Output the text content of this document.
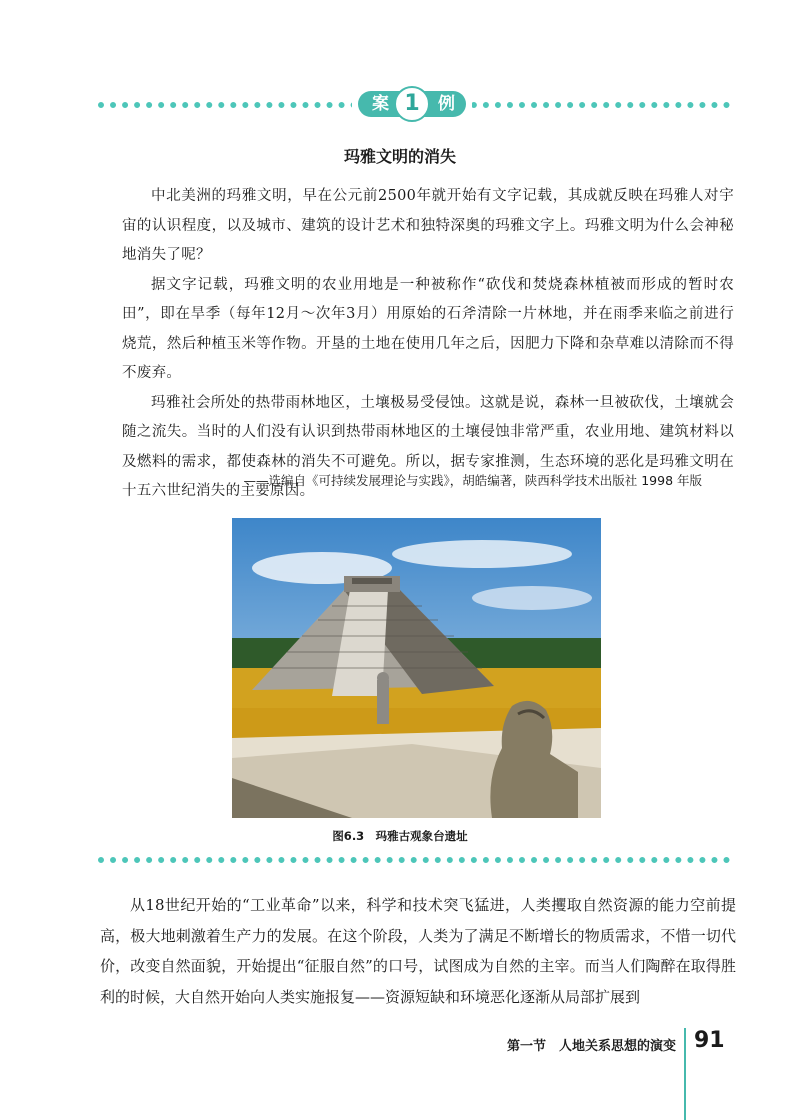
案	例
1
玛雅文明的消失

中北美洲的玛雅文明，早在公元前2500年就开始有文字记载，其成就反映在玛雅人对宇宙的认识程度，以及城市、建筑的设计艺术和独特深奥的玛雅文字上。玛雅文明为什么会神秘地消失了呢？

据文字记载，玛雅文明的农业用地是一种被称作“砍伐和焚烧森林植被而形成的暂时农田”，即在旱季（每年12月～次年3月）用原始的石斧清除一片林地，并在雨季来临之前进行烧荒，然后种植玉米等作物。开垦的土地在使用几年之后，因肥力下降和杂草难以清除而不得不废弃。

玛雅社会所处的热带雨林地区，土壤极易受侵蚀。这就是说，森林一旦被砍伐，土壤就会随之流失。当时的人们没有认识到热带雨林地区的土壤侵蚀非常严重，农业用地、建筑材料以及燃料的需求，都使森林的消失不可避免。所以，据专家推测，生态环境的恶化是玛雅文明在十五六世纪消失的主要原因。

——选编自《可持续发展理论与实践》，胡皓编著，陕西科学技术出版社 1998 年版
图6.3　玛雅古观象台遗址

从18世纪开始的“工业革命”以来，科学和技术突飞猛进，人类攫取自然资源的能力空前提高，极大地刺激着生产力的发展。在这个阶段，人类为了满足不断增长的物质需求，不惜一切代价，改变自然面貌，开始提出“征服自然”的口号，试图成为自然的主宰。而当人们陶醉在取得胜利的时候，大自然开始向人类实施报复——资源短缺和环境恶化逐渐从局部扩展到

第一节　人地关系思想的演变 91
